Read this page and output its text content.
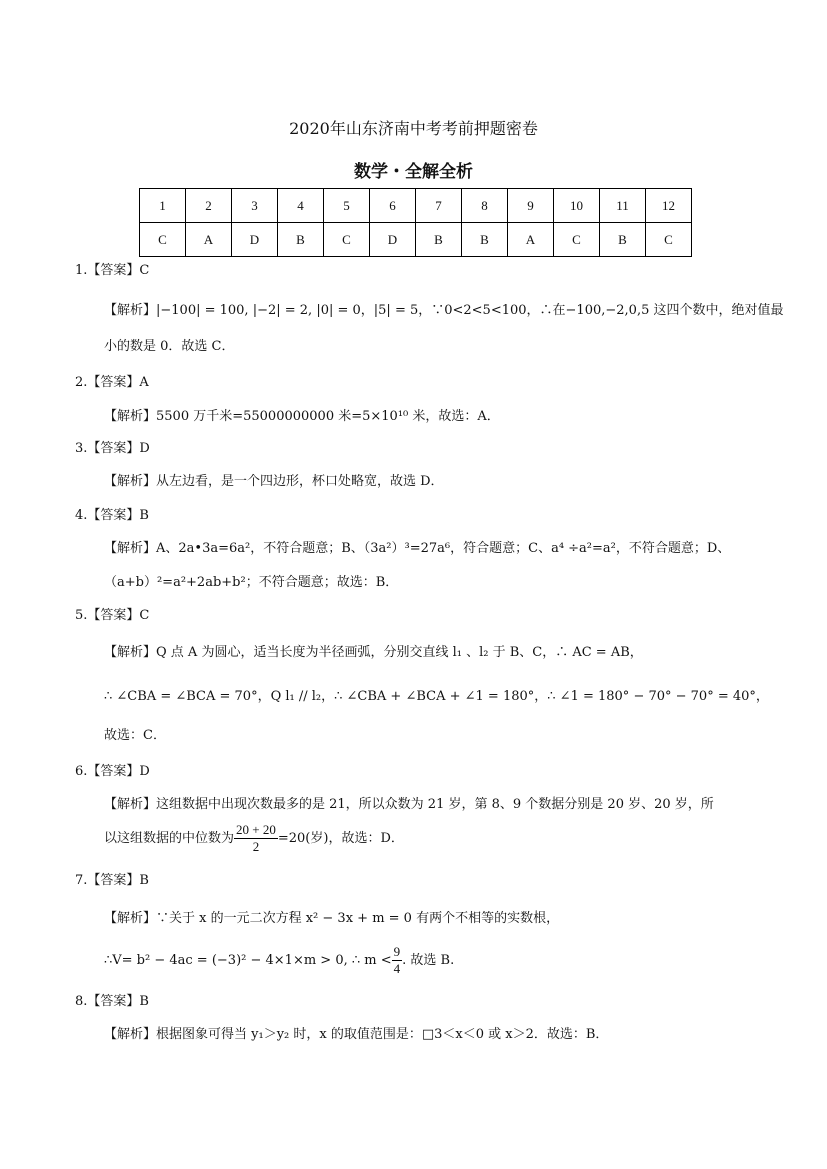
2020年山东济南中考考前押题密卷
数学・全解全析
1	2	3	4	5	6	7	8	9	10	11	12
C	A	D	B	C	D	B	B	A	C	B	C
1.【答案】C
【解析】|−100| = 100, |−2| = 2, |0| = 0，|5| = 5，∵0<2<5<100，∴在−100,−2,0,5 这四个数中，绝对值最
小的数是 0．故选 C．
2.【答案】A
【解析】5500 万千米=55000000000 米=5×10¹⁰ 米，故选：A．
3.【答案】D
【解析】从左边看，是一个四边形，杯口处略宽，故选 D．
4.【答案】B
【解析】A、2a•3a=6a²，不符合题意；B、（3a²）³=27a⁶，符合题意；C、a⁴ ÷a²=a²，不符合题意；D、
（a+b）²=a²+2ab+b²；不符合题意；故选：B．
5.【答案】C
【解析】Q 点 A 为圆心，适当长度为半径画弧，分别交直线 l₁ 、l₂ 于 B、C，∴ AC = AB，
∴ ∠CBA = ∠BCA = 70°，Q l₁ // l₂，∴ ∠CBA + ∠BCA + ∠1 = 180°，∴ ∠1 = 180° − 70° − 70° = 40°，
故选：C．
6.【答案】D
【解析】这组数据中出现次数最多的是 21，所以众数为 21 岁，第 8、9 个数据分别是 20 岁、20 岁，所
以这组数据的中位数为 $\frac{20 + 20}{2} =20$(岁)，故选：D．
7.【答案】B
【解析】∵关于 x 的一元二次方程 x² − 3x + m = 0 有两个不相等的实数根，
∴V= b² − 4ac = (−3)² − 4×1×m > 0, ∴ $m < \frac{9}{4}$ . 故选 B.
8.【答案】B
【解析】根据图象可得当 y₁＞y₂ 时，x 的取值范围是：□3＜x＜0 或 x＞2．故选：B．
